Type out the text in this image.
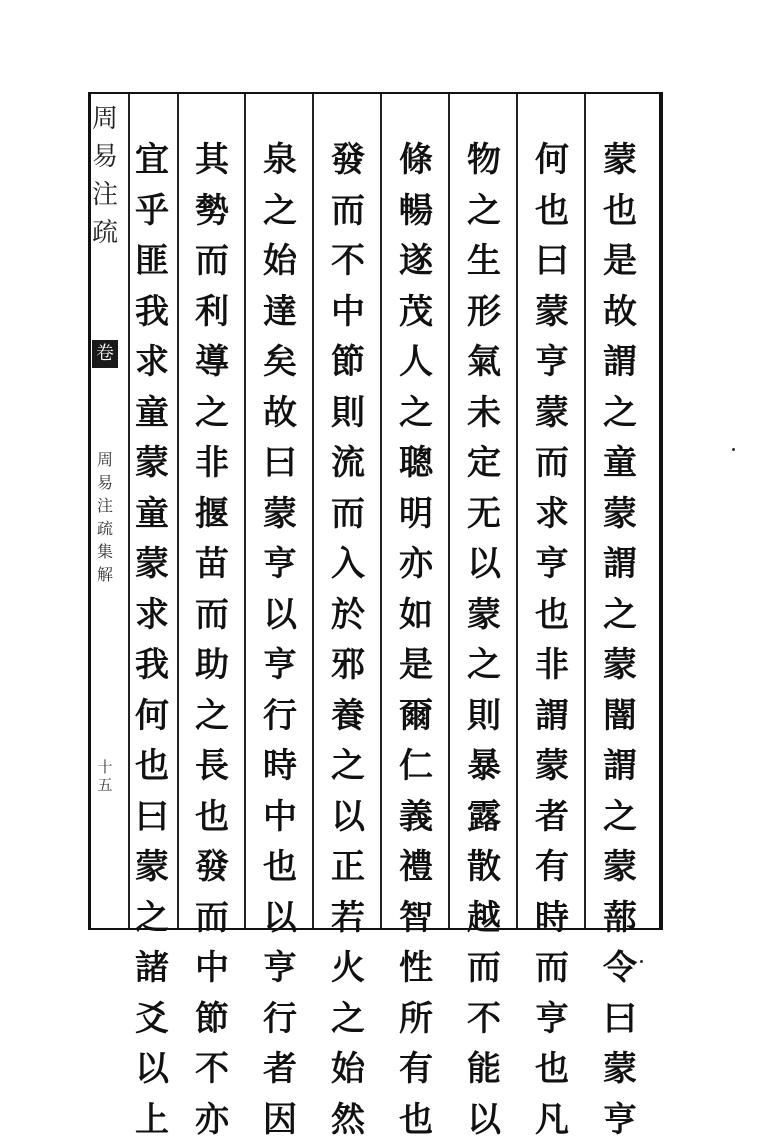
周
易
注
疏
卷
周
易
注
疏
集
解
十
五
蒙
也
是
故
謂
之
童
蒙
謂
之
蒙
闇
謂
之
蒙
蔀
令
曰
蒙
亨
何
也
曰
蒙
亨
蒙
而
求
亨
也
非
謂
蒙
者
有
時
而
亨
也
凡
物
之
生
形
氣
未
定
无
以
蒙
之
則
暴
露
散
越
而
不
能
以
條
暢
遂
茂
人
之
聰
明
亦
如
是
爾
仁
義
禮
智
性
所
有
也
發
而
不
中
節
則
流
而
入
於
邪
養
之
以
正
若
火
之
始
然
泉
之
始
達
矣
故
曰
蒙
亨
以
亨
行
時
中
也
以
亨
行
者
因
其
勢
而
利
導
之
非
揠
苗
而
助
之
長
也
發
而
中
節
不
亦
宜
乎
匪
我
求
童
蒙
童
蒙
求
我
何
也
曰
蒙
之
諸
爻
以
上
